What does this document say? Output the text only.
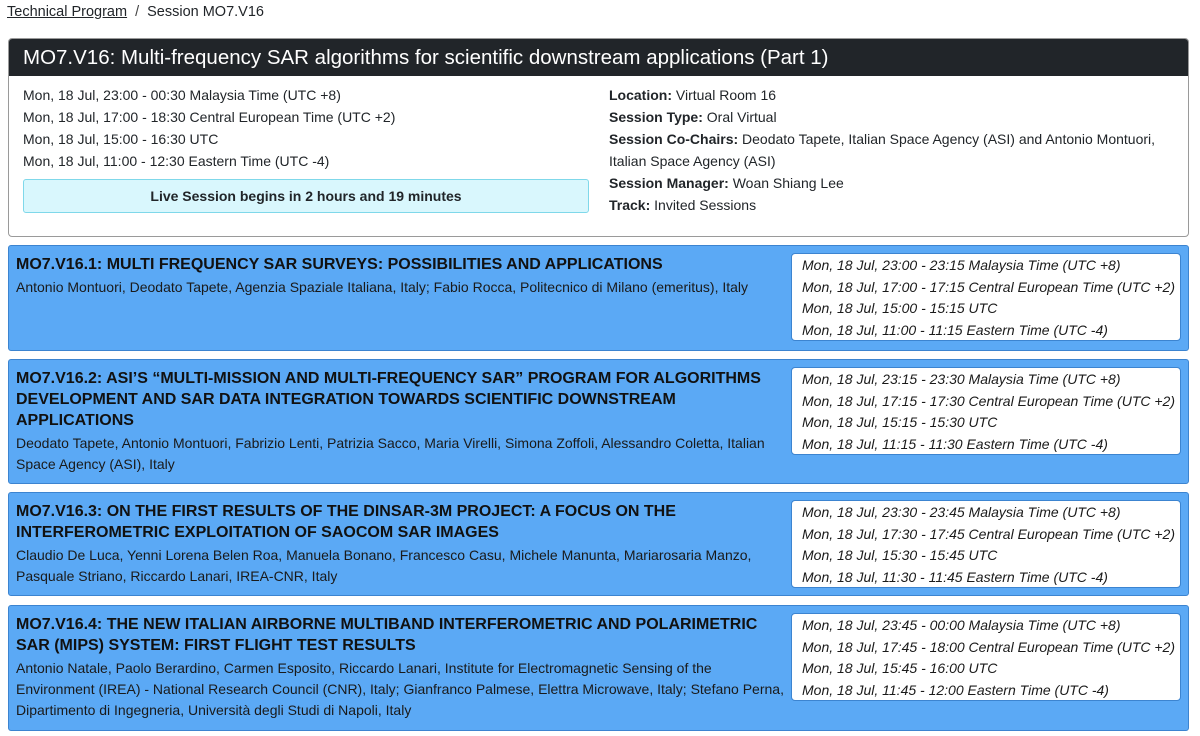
Technical Program / Session MO7.V16
MO7.V16: Multi-frequency SAR algorithms for scientific downstream applications (Part 1)
Mon, 18 Jul, 23:00 - 00:30 Malaysia Time (UTC +8)
Mon, 18 Jul, 17:00 - 18:30 Central European Time (UTC +2)
Mon, 18 Jul, 15:00 - 16:30 UTC
Mon, 18 Jul, 11:00 - 12:30 Eastern Time (UTC -4)
Live Session begins in 2 hours and 19 minutes
Location: Virtual Room 16
Session Type: Oral Virtual
Session Co-Chairs: Deodato Tapete, Italian Space Agency (ASI) and Antonio Montuori, Italian Space Agency (ASI)
Session Manager: Woan Shiang Lee
Track: Invited Sessions
MO7.V16.1: MULTI FREQUENCY SAR SURVEYS: POSSIBILITIES AND APPLICATIONS
Antonio Montuori, Deodato Tapete, Agenzia Spaziale Italiana, Italy; Fabio Rocca, Politecnico di Milano (emeritus), Italy
Mon, 18 Jul, 23:00 - 23:15 Malaysia Time (UTC +8)
Mon, 18 Jul, 17:00 - 17:15 Central European Time (UTC +2)
Mon, 18 Jul, 15:00 - 15:15 UTC
Mon, 18 Jul, 11:00 - 11:15 Eastern Time (UTC -4)
MO7.V16.2: ASI’S “MULTI-MISSION AND MULTI-FREQUENCY SAR” PROGRAM FOR ALGORITHMS DEVELOPMENT AND SAR DATA INTEGRATION TOWARDS SCIENTIFIC DOWNSTREAM APPLICATIONS
Deodato Tapete, Antonio Montuori, Fabrizio Lenti, Patrizia Sacco, Maria Virelli, Simona Zoffoli, Alessandro Coletta, Italian Space Agency (ASI), Italy
Mon, 18 Jul, 23:15 - 23:30 Malaysia Time (UTC +8)
Mon, 18 Jul, 17:15 - 17:30 Central European Time (UTC +2)
Mon, 18 Jul, 15:15 - 15:30 UTC
Mon, 18 Jul, 11:15 - 11:30 Eastern Time (UTC -4)
MO7.V16.3: ON THE FIRST RESULTS OF THE DINSAR-3M PROJECT: A FOCUS ON THE INTERFEROMETRIC EXPLOITATION OF SAOCOM SAR IMAGES
Claudio De Luca, Yenni Lorena Belen Roa, Manuela Bonano, Francesco Casu, Michele Manunta, Mariarosaria Manzo, Pasquale Striano, Riccardo Lanari, IREA-CNR, Italy
Mon, 18 Jul, 23:30 - 23:45 Malaysia Time (UTC +8)
Mon, 18 Jul, 17:30 - 17:45 Central European Time (UTC +2)
Mon, 18 Jul, 15:30 - 15:45 UTC
Mon, 18 Jul, 11:30 - 11:45 Eastern Time (UTC -4)
MO7.V16.4: THE NEW ITALIAN AIRBORNE MULTIBAND INTERFEROMETRIC AND POLARIMETRIC SAR (MIPS) SYSTEM: FIRST FLIGHT TEST RESULTS
Antonio Natale, Paolo Berardino, Carmen Esposito, Riccardo Lanari, Institute for Electromagnetic Sensing of the Environment (IREA) - National Research Council (CNR), Italy; Gianfranco Palmese, Elettra Microwave, Italy; Stefano Perna, Dipartimento di Ingegneria, Università degli Studi di Napoli, Italy
Mon, 18 Jul, 23:45 - 00:00 Malaysia Time (UTC +8)
Mon, 18 Jul, 17:45 - 18:00 Central European Time (UTC +2)
Mon, 18 Jul, 15:45 - 16:00 UTC
Mon, 18 Jul, 11:45 - 12:00 Eastern Time (UTC -4)
